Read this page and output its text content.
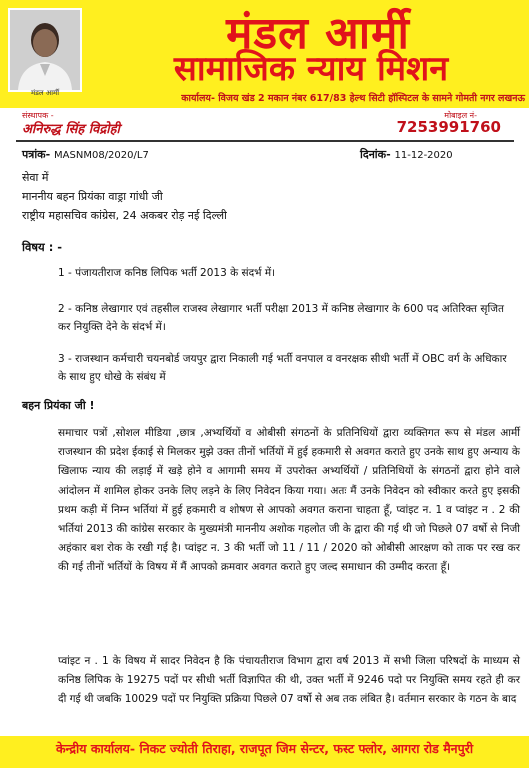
मंडल आर्मी
मंडल आर्मी
सामाजिक न्याय मिशन
कार्यालय- विजय खंड 2 मकान नंबर 617/83 हेल्थ सिटी हॉस्पिटल के सामने गोमती नगर लखनऊ
संस्थापक -
अनिरुद्ध सिंह विद्रोही
मोबाइल नं-
7253991760
पत्रांक- MASNM08/2020/L7	दिनांक- 11-12-2020
सेवा में
माननीय बहन प्रियंका वाड्रा गांधी जी
राष्ट्रीय महासचिव कांग्रेस, 24 अकबर रोड़ नई दिल्ली
विषय : -
1 - पंजायतीराज कनिष्ठ लिपिक भर्ती 2013 के संदर्भ में।
2 - कनिष्ठ लेखागार एवं तहसील राजस्व लेखागार भर्ती परीक्षा 2013 में कनिष्ठ लेखागार के 600 पद अतिरिक्त सृजित कर नियुक्ति देने के संदर्भ में।
3 - राजस्थान कर्मचारी चयनबोर्ड जयपुर द्वारा निकाली गई भर्ती वनपाल व वनरक्षक सीधी भर्ती में OBC वर्ग के अधिकार के साथ हुए धोखे के संबंध में
बहन प्रियंका जी !
समाचार पत्रों ,सोशल मीडिया ,छात्र ,अभ्यर्थियों व ओबीसी संगठनों के प्रतिनिधियों द्वारा व्यक्तिगत रूप से मंडल आर्मी राजस्थान की प्रदेश ईकाई से मिलकर मुझे उक्त तीनों भर्तियों में हुई हकमारी से अवगत कराते हुए उनके साथ हुए अन्याय के खिलाफ न्याय की लड़ाई में खड़े होने व आगामी समय में उपरोक्त अभ्यर्थियों / प्रतिनिधियों के संगठनों द्वारा होने वाले आंदोलन में शामिल होकर उनके लिए लड़ने के लिए निवेदन किया गया। अतः मैं उनके निवेदन को स्वीकार करते हुए इसकी प्रथम कड़ी में निम्न भर्तियां में हुई हकमारी व शोषण से आपको अवगत कराना चाहता हूँ, प्वांइट न. 1 व प्वांइट न . 2 की भर्तियां 2013 की कांग्रेस सरकार के मुख्यमंत्री माननीय अशोक गहलोत जी के द्वारा की गई थी जो पिछले 07 वर्षो से निजी अहंकार बश रोक के रखी गई है। प्वांइट न. 3 की भर्ती जो 11 / 11 / 2020 को ओबीसी आरक्षण को ताक पर रख कर की गई तीनों भर्तियों के विषय में मैं आपको क्रमवार अवगत कराते हुए जल्द समाधान की उम्मीद करता हूँ।
प्वांइट न . 1 के विषय में सादर निवेदन है कि पंचायतीराज विभाग द्वारा वर्ष 2013 में सभी जिला परिषदों के माध्यम से कनिष्ठ लिपिक के 19275 पदों पर सीधी भर्ती विज्ञापित की थी, उक्त भर्ती में 9246 पदो पर नियुक्ति समय रहते ही कर दी गई थी जबकि 10029 पदों पर नियुक्ति प्रक्रिया पिछले 07 वर्षो से अब तक लंबित है। वर्तमान सरकार के गठन के बाद
केन्द्रीय कार्यालय- निकट ज्योती तिराहा, राजपूत जिम सेन्टर, फस्ट फ्लोर, आगरा रोड मैनपुरी
